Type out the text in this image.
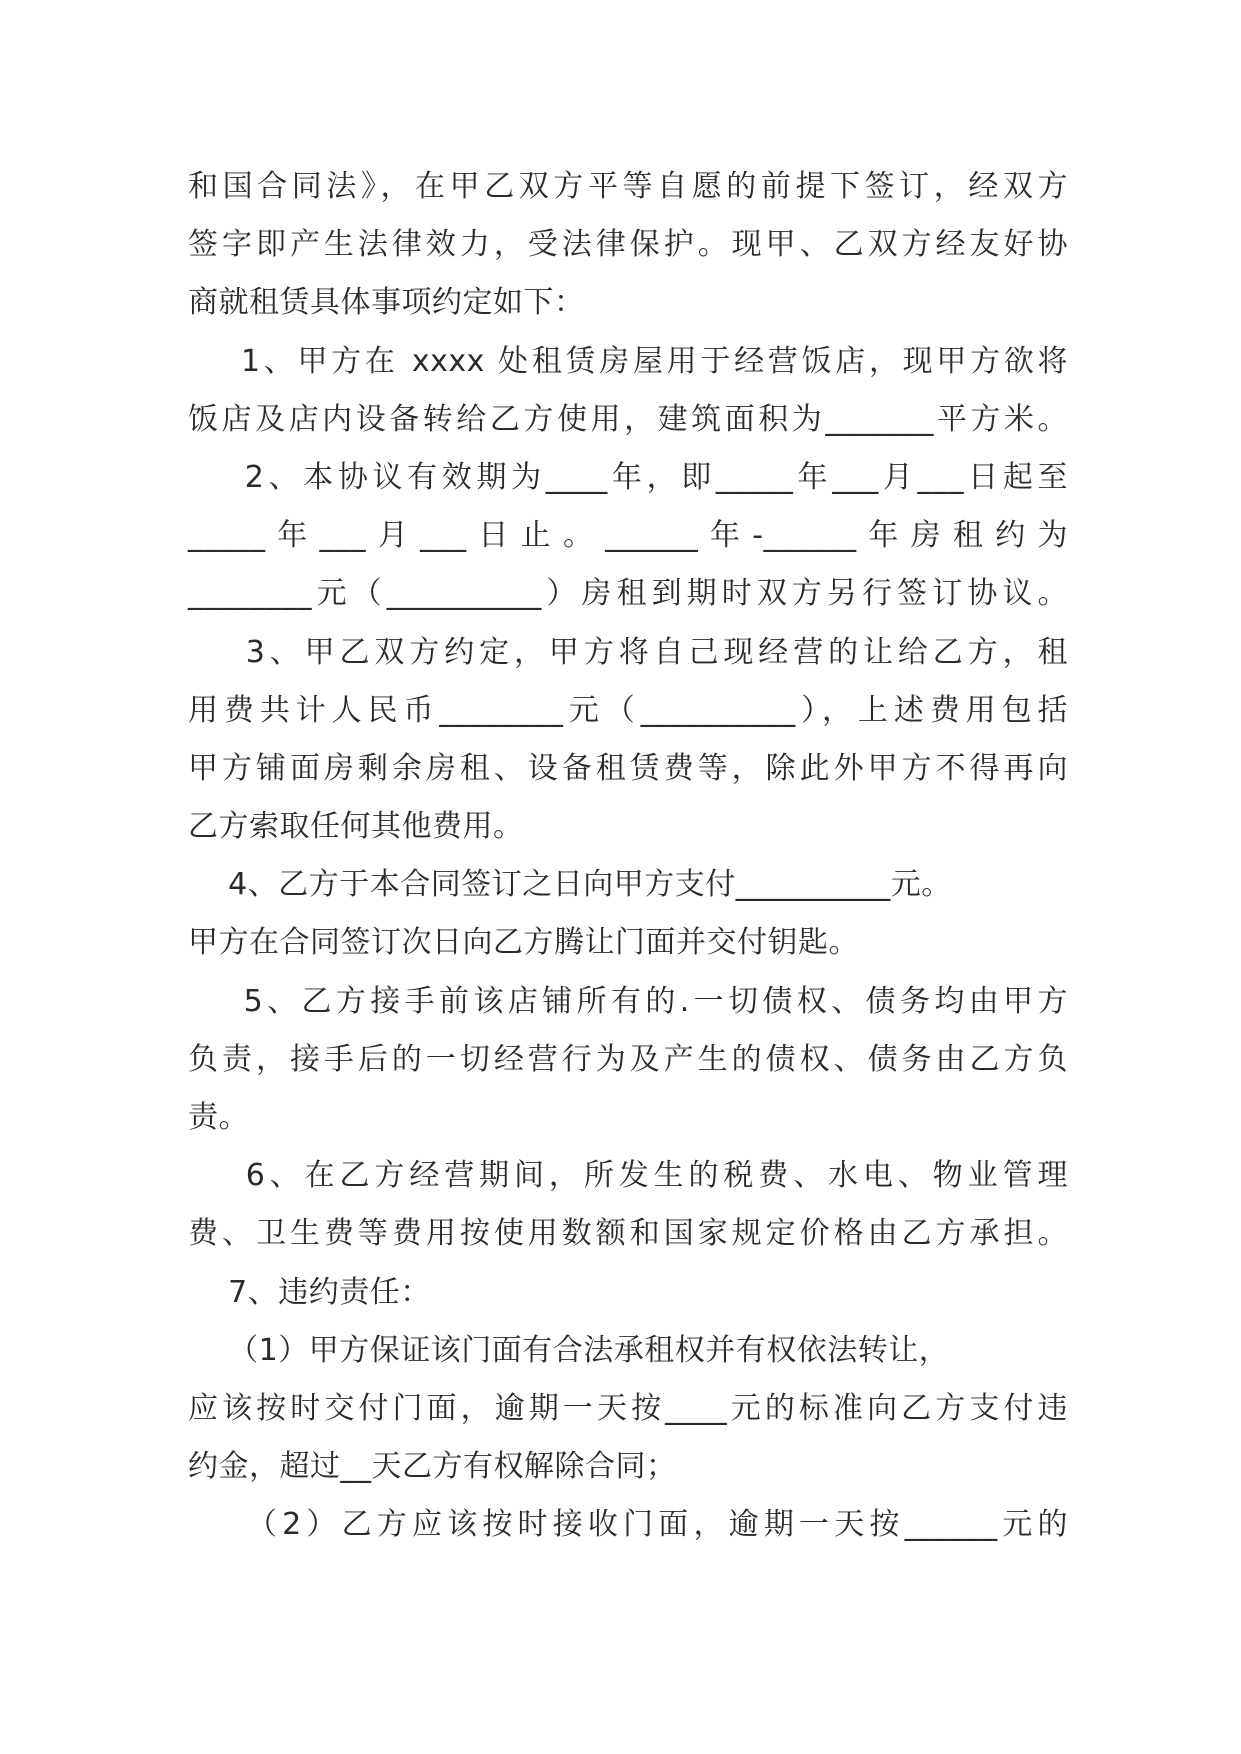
和国合同法》，在甲乙双方平等自愿的前提下签订，经双方
签字即产生法律效力，受法律保护。现甲、乙双方经友好协
商就租赁具体事项约定如下：
1、甲方在 xxxx 处租赁房屋用于经营饭店，现甲方欲将
饭店及店内设备转给乙方使用，建筑面积为_______平方米。
2、本协议有效期为____年，即_____年___月___日起至
_____年___月___日止。______年-______年房租约为
________元（__________）房租到期时双方另行签订协议。
3、甲乙双方约定，甲方将自己现经营的让给乙方，租
用费共计人民币________元（__________），上述费用包括
甲方铺面房剩余房租、设备租赁费等，除此外甲方不得再向
乙方索取任何其他费用。
4、乙方于本合同签订之日向甲方支付__________元。
甲方在合同签订次日向乙方腾让门面并交付钥匙。
5、乙方接手前该店铺所有的.一切债权、债务均由甲方
负责，接手后的一切经营行为及产生的债权、债务由乙方负
责。
6、在乙方经营期间，所发生的税费、水电、物业管理
费、卫生费等费用按使用数额和国家规定价格由乙方承担。
7、违约责任：
（1）甲方保证该门面有合法承租权并有权依法转让，
应该按时交付门面，逾期一天按____元的标准向乙方支付违
约金，超过__天乙方有权解除合同；
（2）乙方应该按时接收门面，逾期一天按______元的
